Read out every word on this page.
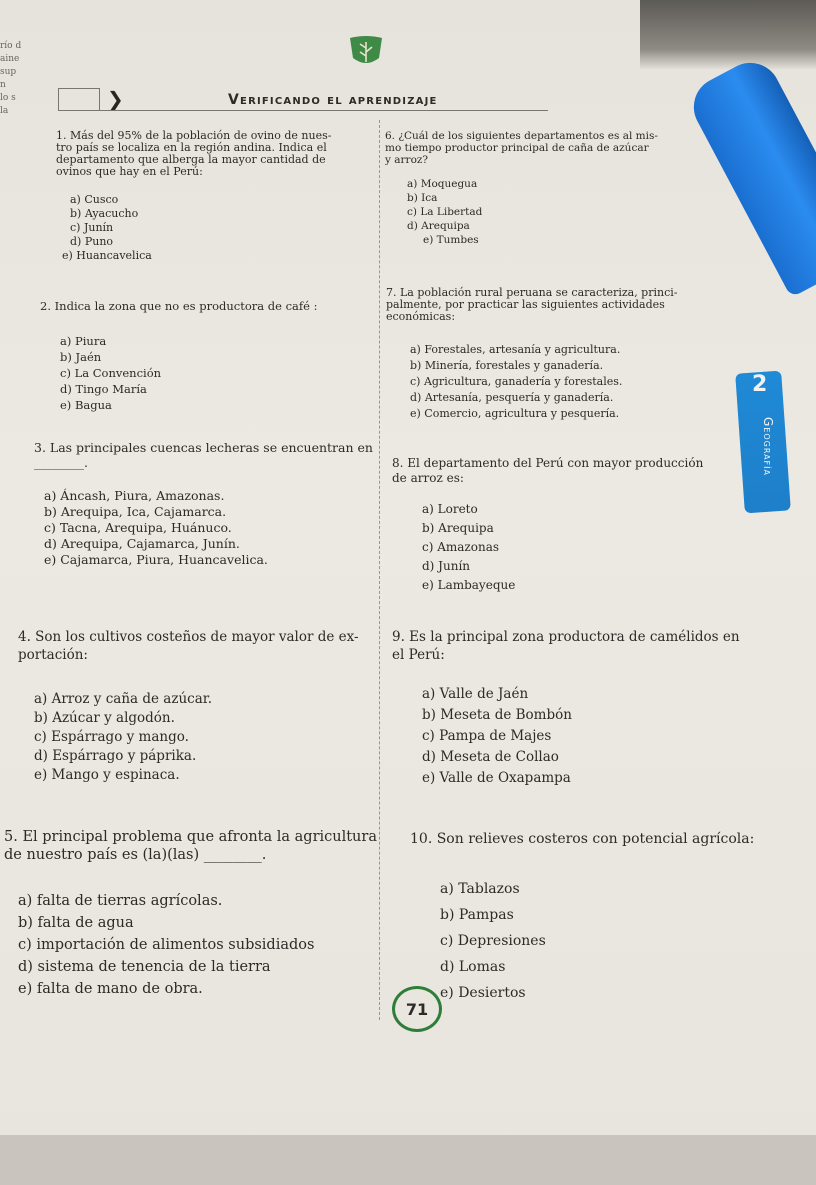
río d
aine
sup
n
lo s
la	❯	Verificando el aprendizaje
1. Más del 95% de la población de ovino de nues-
tro país se localiza en la región andina. Indica el
departamento que alberga la mayor cantidad de
ovinos que hay en el Perú:
a) Cusco
b) Ayacucho
c) Junín
d) Puno
e) Huancavelica
2. Indica la zona que no es productora de café :
a) Piura
b) Jaén
c) La Convención
d) Tingo María
e) Bagua
3. Las principales cuencas lecheras se encuentran en
________.
a) Áncash, Piura, Amazonas.
b) Arequipa, Ica, Cajamarca.
c) Tacna, Arequipa, Huánuco.
d) Arequipa, Cajamarca, Junín.
e) Cajamarca, Piura, Huancavelica.
4. Son los cultivos costeños de mayor valor de ex-
portación:
a) Arroz y caña de azúcar.
b) Azúcar y algodón.
c) Espárrago y mango.
d) Espárrago y páprika.
e) Mango y espinaca.
5. El principal problema que afronta la agricultura
de nuestro país es (la)(las) ________.
a) falta de tierras agrícolas.
b) falta de agua
c) importación de alimentos subsidiados
d) sistema de tenencia de la tierra
e) falta de mano de obra.
6. ¿Cuál de los siguientes departamentos es al mis-
mo tiempo productor principal de caña de azúcar
y arroz?
a) Moquegua
b) Ica
c) La Libertad
d) Arequipa
e) Tumbes
7. La población rural peruana se caracteriza, princi-
palmente, por practicar las siguientes actividades
económicas:
a) Forestales, artesanía y agricultura.
b) Minería, forestales y ganadería.
c) Agricultura, ganadería y forestales.
d) Artesanía, pesquería y ganadería.
e) Comercio, agricultura y pesquería.
8. El departamento del Perú con mayor producción
de arroz es:
a) Loreto
b) Arequipa
c) Amazonas
d) Junín
e) Lambayeque
9. Es la principal zona productora de camélidos en
el Perú:
a) Valle de Jaén
b) Meseta de Bombón
c) Pampa de Majes
d) Meseta de Collao
e) Valle de Oxapampa
10. Son relieves costeros con potencial agrícola:
a) Tablazos
b) Pampas
c) Depresiones
d) Lomas
e) Desiertos
2
Geografía
71
